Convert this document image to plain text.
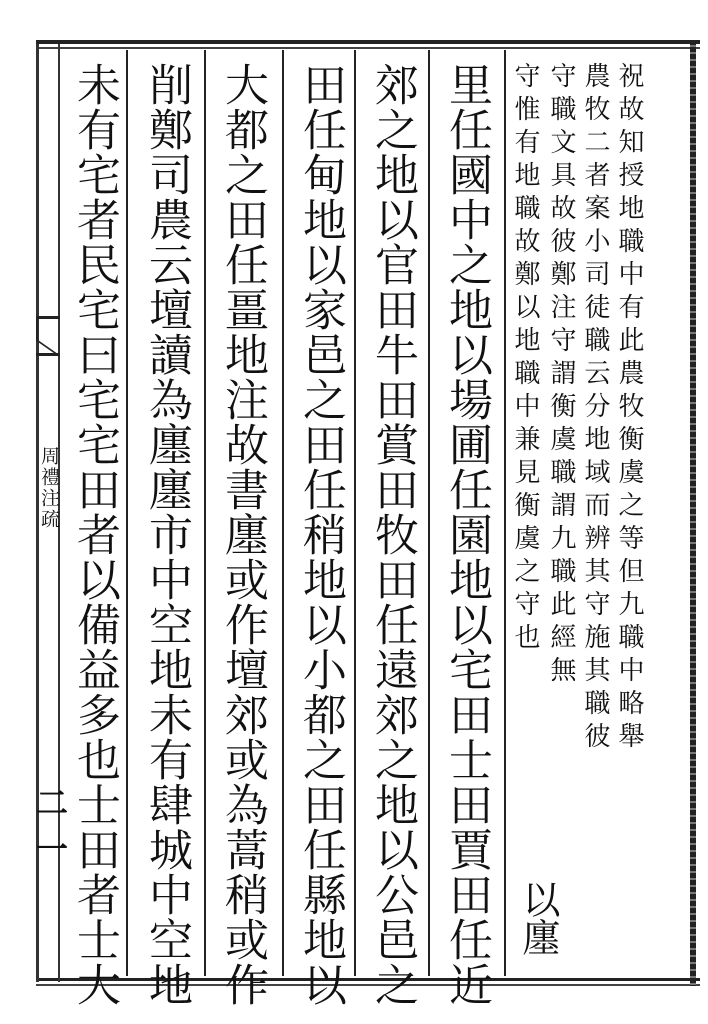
周禮注疏
二一
祝故知授地職中有此農牧衡虞之等但九職中略舉
農牧二者案小司徒職云分地域而辨其守施其職彼
守職文具故彼鄭注守謂衡虞職謂九職此經無
守惟有地職故鄭以地職中兼見衡虞之守也
以廛
里任國中之地以場圃任園地以宅田士田賈田任近
郊之地以官田牛田賞田牧田任遠郊之地以公邑之
田任甸地以家邑之田任稍地以小都之田任縣地以
大都之田任畺地注故書廛或作壇郊或為蒿稍或作
削鄭司農云壇讀為廛廛市中空地未有肆城中空地
未有宅者民宅曰宅宅田者以備益多也士田者士大
